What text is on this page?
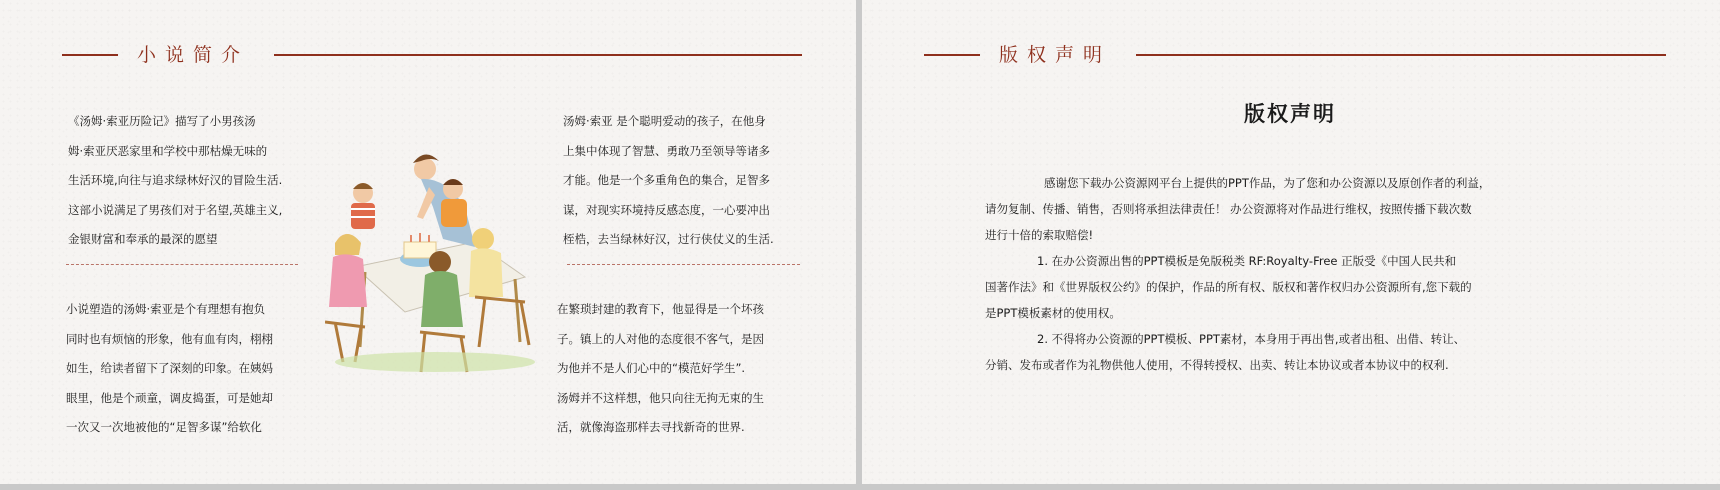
小说简介
《汤姆·索亚历险记》描写了小男孩汤
姆·索亚厌恶家里和学校中那枯燥无味的
生活环境,向往与追求绿林好汉的冒险生活.
这部小说满足了男孩们对于名望,英雄主义,
金银财富和奉承的最深的愿望
汤姆·索亚 是个聪明爱动的孩子，在他身
上集中体现了智慧、勇敢乃至领导等诸多
才能。他是一个多重角色的集合，足智多
谋，对现实环境持反感态度，一心要冲出
桎梏，去当绿林好汉，过行侠仗义的生活.
小说塑造的汤姆·索亚是个有理想有抱负
同时也有烦恼的形象，他有血有肉，栩栩
如生，给读者留下了深刻的印象。在姨妈
眼里，他是个顽童，调皮捣蛋，可是她却
一次又一次地被他的“足智多谋”给软化
在繁琐封建的教育下，他显得是一个坏孩
子。镇上的人对他的态度很不客气，是因
为他并不是人们心中的“模范好学生”.
汤姆并不这样想，他只向往无拘无束的生
活，就像海盗那样去寻找新奇的世界.
版权声明
版权声明
感谢您下载办公资源网平台上提供的PPT作品，为了您和办公资源以及原创作者的利益，
请勿复制、传播、销售，否则将承担法律责任！ 办公资源将对作品进行维权，按照传播下载次数
进行十倍的索取赔偿!
1. 在办公资源出售的PPT模板是免版税类 RF:Royalty-Free 正版受《中国人民共和
国著作法》和《世界版权公约》的保护，作品的所有权、版权和著作权归办公资源所有,您下载的
是PPT模板素材的使用权。
2. 不得将办公资源的PPT模板、PPT素材，本身用于再出售,或者出租、出借、转让、
分销、发布或者作为礼物供他人使用，不得转授权、出卖、转让本协议或者本协议中的权利.
